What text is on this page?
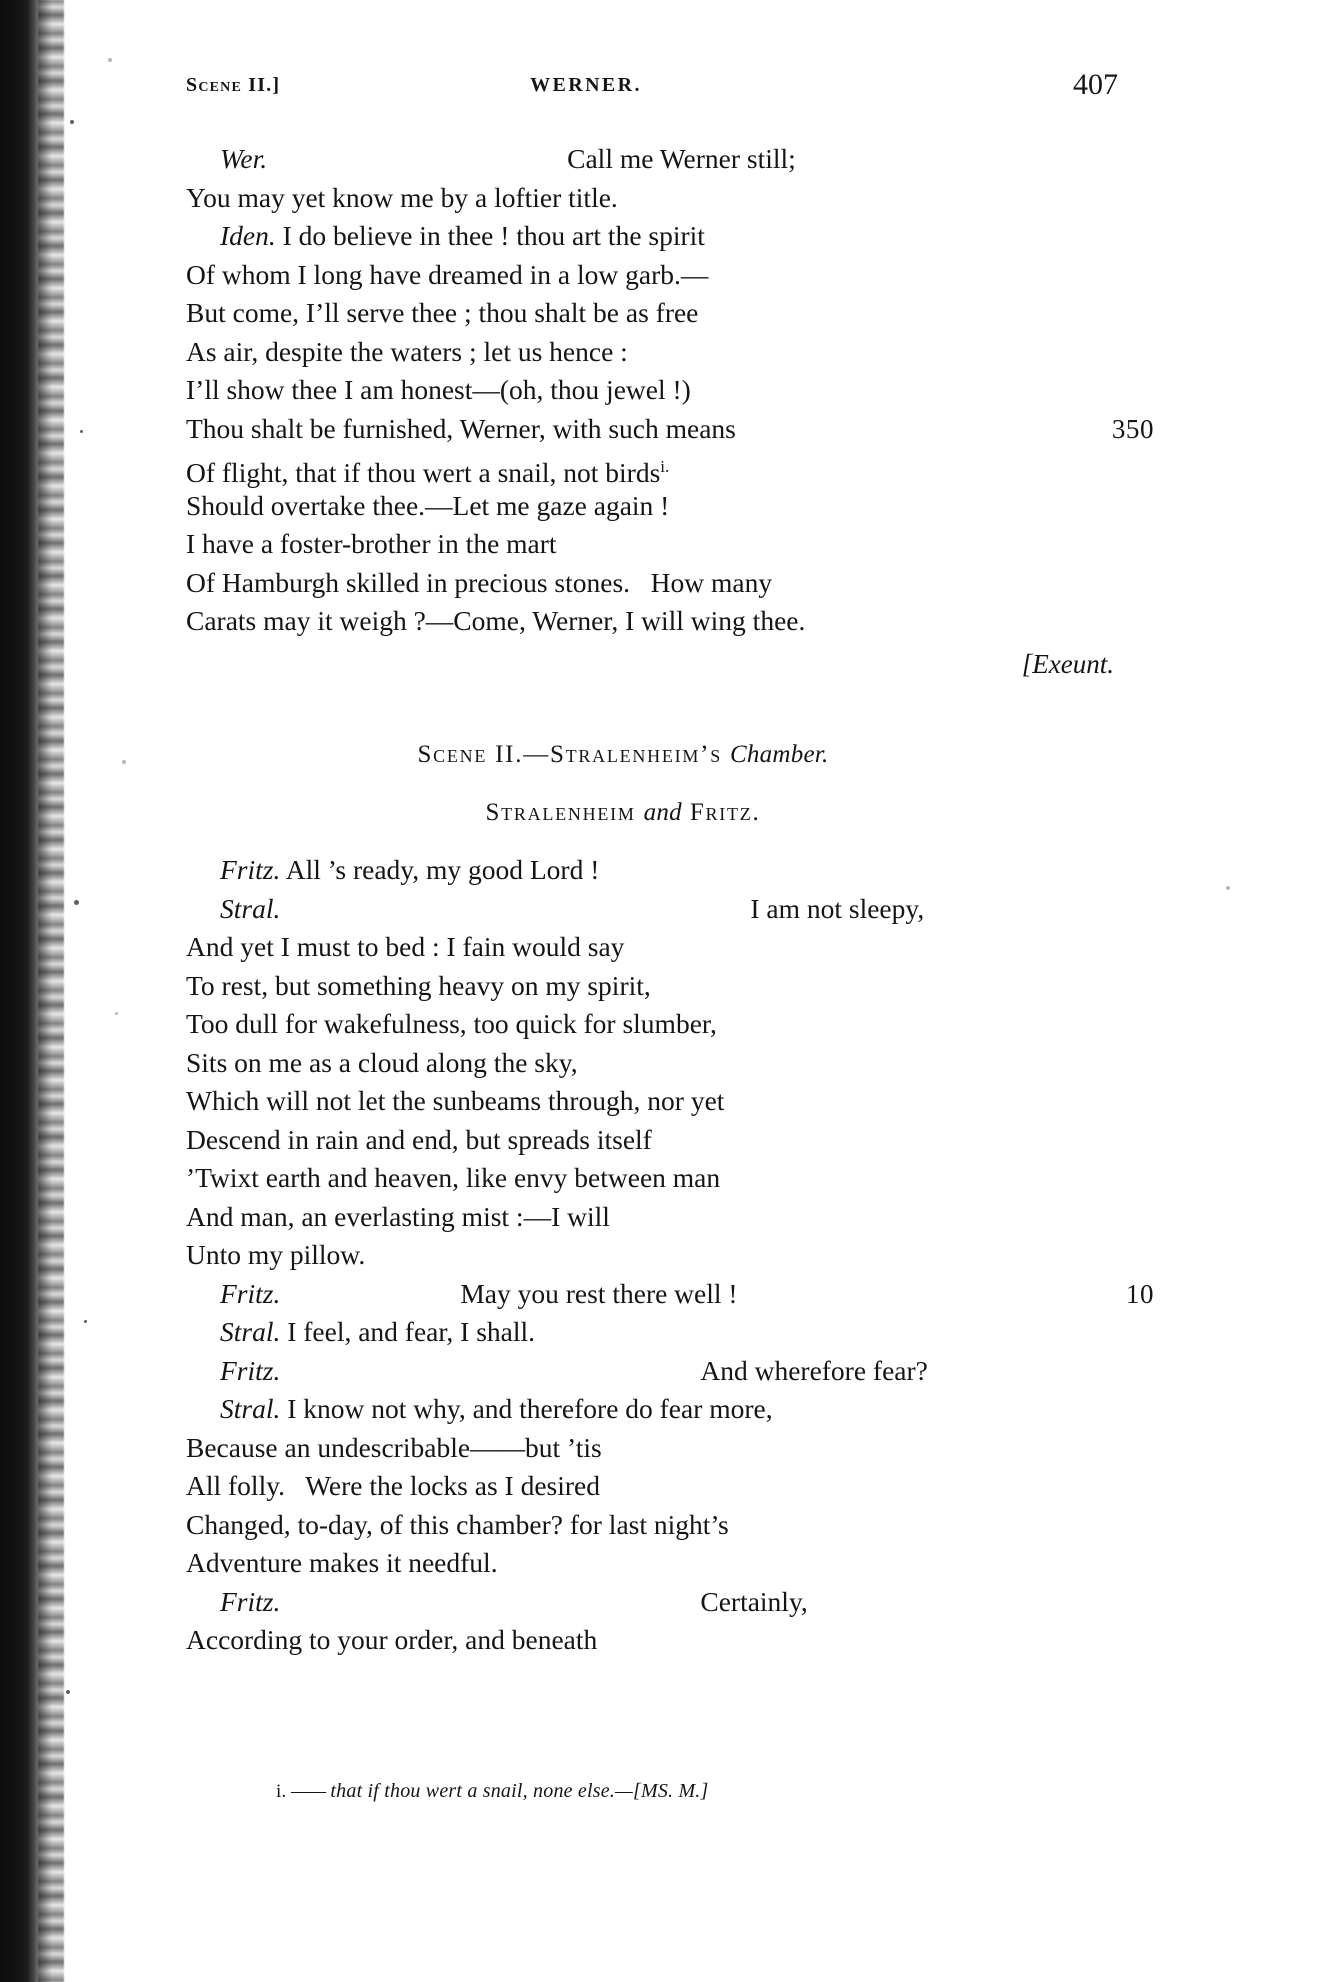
Scene II.]	WERNER.	407
Wer.	Call me Werner still;
You may yet know me by a loftier title.
Iden. I do believe in thee ! thou art the spirit
Of whom I long have dreamed in a low garb.—
But come, I’ll serve thee ; thou shalt be as free
As air, despite the waters ; let us hence :
I’ll show thee I am honest—(oh, thou jewel !)
Thou shalt be furnished, Werner, with such means	350
Of flight, that if thou wert a snail, not birds$^{i.}$
Should overtake thee.—Let me gaze again !
I have a foster-brother in the mart
Of Hamburgh skilled in precious stones.   How many
Carats may it weigh ?—Come, Werner, I will wing thee.
[Exeunt.
Scene II.—Stralenheim’s Chamber.
Stralenheim and Fritz.
Fritz. All ’s ready, my good Lord !
Stral.	I am not sleepy,
And yet I must to bed : I fain would say
To rest, but something heavy on my spirit,
Too dull for wakefulness, too quick for slumber,
Sits on me as a cloud along the sky,
Which will not let the sunbeams through, nor yet
Descend in rain and end, but spreads itself
’Twixt earth and heaven, like envy between man
And man, an everlasting mist :—I will
Unto my pillow.
Fritz.	May you rest there well !	10
Stral. I feel, and fear, I shall.
Fritz.	And wherefore fear?
Stral. I know not why, and therefore do fear more,
Because an undescribable——but ’tis
All folly.   Were the locks as I desired
Changed, to-day, of this chamber? for last night’s
Adventure makes it needful.
Fritz.	Certainly,
According to your order, and beneath
i. —— that if thou wert a snail, none else.—[MS. M.]
